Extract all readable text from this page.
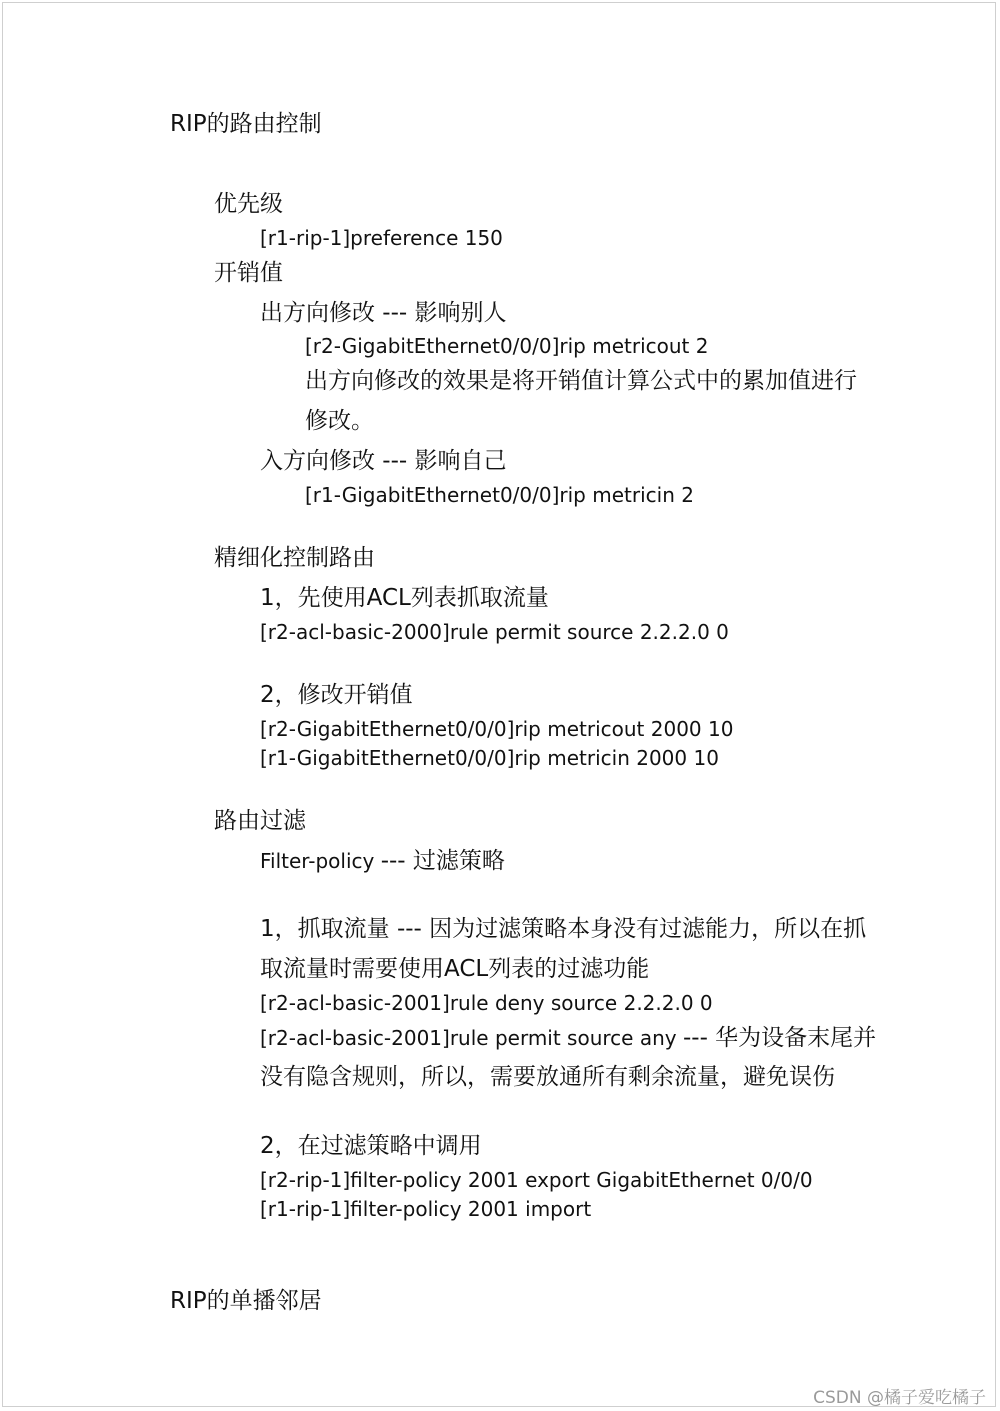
RIP的路由控制
优先级
[r1-rip-1]preference 150
开销值
出方向修改 --- 影响别人
[r2-GigabitEthernet0/0/0]rip metricout 2
出方向修改的效果是将开销值计算公式中的累加值进行
修改。
入方向修改 --- 影响自己
[r1-GigabitEthernet0/0/0]rip metricin 2
精细化控制路由
1，先使用ACL列表抓取流量
[r2-acl-basic-2000]rule permit source 2.2.2.0 0
2，修改开销值
[r2-GigabitEthernet0/0/0]rip metricout 2000 10
[r1-GigabitEthernet0/0/0]rip metricin 2000 10
路由过滤
Filter-policy --- 过滤策略
1，抓取流量 --- 因为过滤策略本身没有过滤能力，所以在抓
取流量时需要使用ACL列表的过滤功能
[r2-acl-basic-2001]rule deny source 2.2.2.0 0
[r2-acl-basic-2001]rule permit source any --- 华为设备末尾并
没有隐含规则，所以，需要放通所有剩余流量，避免误伤
2，在过滤策略中调用
[r2-rip-1]filter-policy 2001 export GigabitEthernet 0/0/0
[r1-rip-1]filter-policy 2001 import
RIP的单播邻居
CSDN @橘子爱吃橘子
